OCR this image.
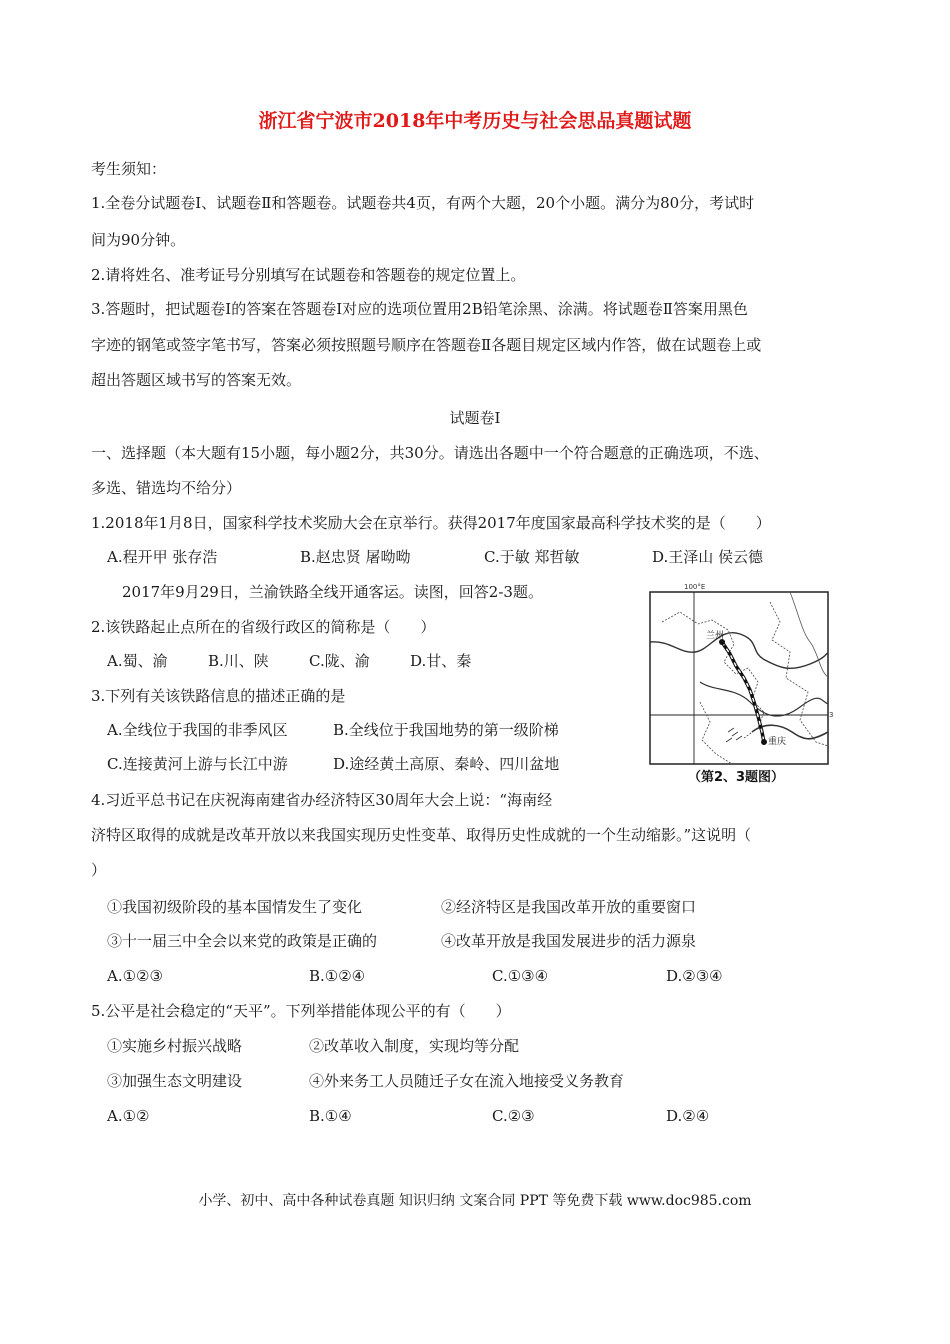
浙江省宁波市2018年中考历史与社会思品真题试题
考生须知：
1.全卷分试题卷Ⅰ、试题卷Ⅱ和答题卷。试题卷共4页，有两个大题，20个小题。满分为80分，考试时
间为90分钟。
2.请将姓名、准考证号分别填写在试题卷和答题卷的规定位置上。
3.答题时，把试题卷Ⅰ的答案在答题卷Ⅰ对应的选项位置用2B铅笔涂黑、涂满。将试题卷Ⅱ答案用黑色
字迹的钢笔或签字笔书写，答案必须按照题号顺序在答题卷Ⅱ各题目规定区域内作答，做在试题卷上或
超出答题区域书写的答案无效。
试题卷Ⅰ
一、选择题（本大题有15小题，每小题2分，共30分。请选出各题中一个符合题意的正确选项，不选、
多选、错选均不给分）
1.2018年1月8日，国家科学技术奖励大会在京举行。获得2017年度国家最高科学技术奖的是（　　）
A.程开甲 张存浩	B.赵忠贤 屠呦呦	C.于敏 郑哲敏	D.王泽山 侯云德
2017年9月29日，兰渝铁路全线开通客运。读图，回答2-3题。
2.该铁路起止点所在的省级行政区的简称是（　　）
A.蜀、渝	B.川、陕	C.陇、渝	D.甘、秦
3.下列有关该铁路信息的描述正确的是
A.全线位于我国的非季风区	B.全线位于我国地势的第一级阶梯
C.连接黄河上游与长江中游	D.途经黄土高原、秦岭、四川盆地
100°E
3
兰州
重庆
（第2、3题图）
4.习近平总书记在庆祝海南建省办经济特区30周年大会上说：“海南经
济特区取得的成就是改革开放以来我国实现历史性变革、取得历史性成就的一个生动缩影。”这说明（
）
①我国初级阶段的基本国情发生了变化	②经济特区是我国改革开放的重要窗口
③十一届三中全会以来党的政策是正确的	④改革开放是我国发展进步的活力源泉
A.①②③	B.①②④	C.①③④	D.②③④
5.公平是社会稳定的“天平”。下列举措能体现公平的有（　　）
①实施乡村振兴战略	②改革收入制度，实现均等分配
③加强生态文明建设	④外来务工人员随迁子女在流入地接受义务教育
A.①②	B.①④	C.②③	D.②④
小学、初中、高中各种试卷真题 知识归纳 文案合同 PPT 等免费下载 www.doc985.com
